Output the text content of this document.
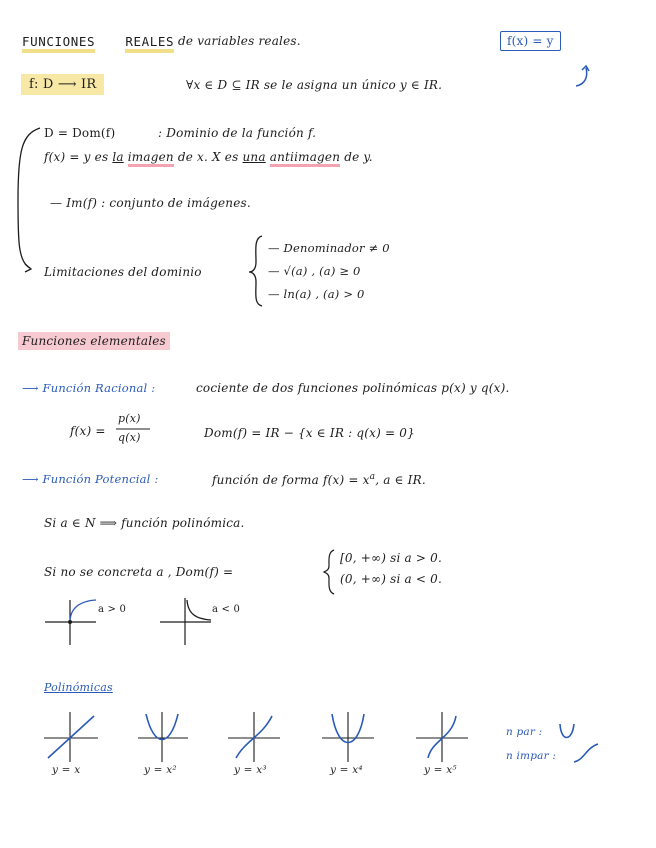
FUNCIONES REALES de variables reales.	f(x) = y
f: D ⟶ IR	∀x ∈ D ⊆ IR se le asigna un único y ∈ IR.
D = Dom(f)	: Dominio de la función f.
f(x) = y es la imagen de x. X es una antiimagen de y.
— Im(f) : conjunto de imágenes.
Limitaciones del dominio
— Denominador ≠ 0
— √(a) , (a) ≥ 0
— ln(a) , (a) > 0
Funciones elementales
⟶ Función Racional :	cociente de dos funciones polinómicas p(x) y q(x).
f(x) =
p(x)
q(x)	Dom(f) = IR − {x ∈ IR : q(x) = 0}
⟶ Función Potencial :	función de forma $f(x) = x^a$, a ∈ IR.
Si a ∈ N ⟹ función polinómica.
Si no se concreta a , Dom(f) =
[0, +∞) si a > 0.
(0, +∞) si a < 0.
a > 0	a < 0
Polinómicas
y = x	y = x²	y = x³	y = x⁴	y = x⁵
n par :
n impar :
